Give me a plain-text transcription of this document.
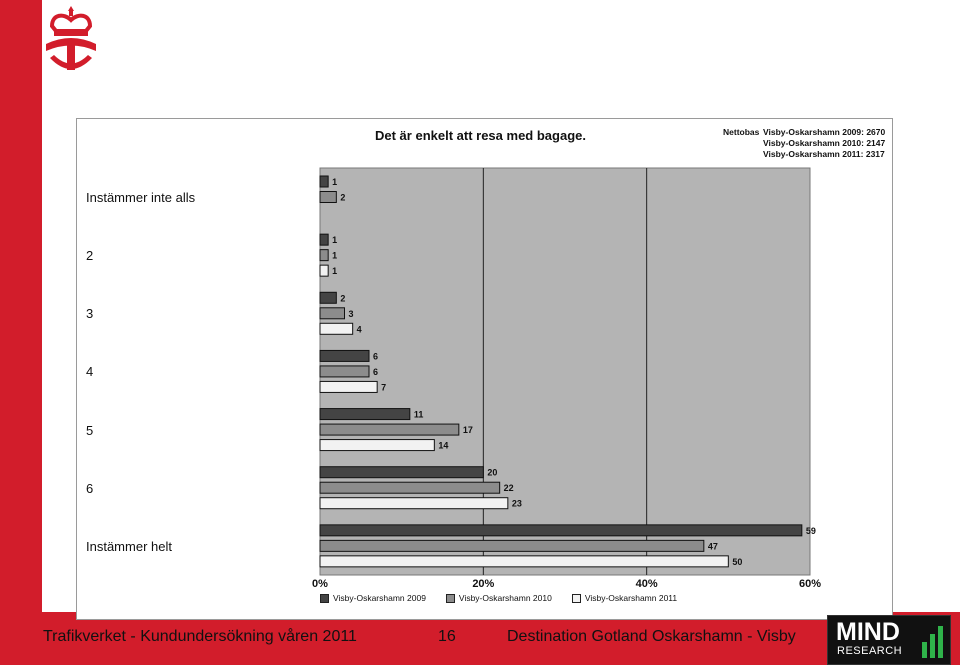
Det är enkelt att resa med bagage.	Nettobas Visby-Oskarshamn 2009: 2670
Visby-Oskarshamn 2010: 2147
Visby-Oskarshamn 2011: 2317
1
2
1
1
1
2
3
4
6
6
7
11
17
14
20
22
23
59
47
50
0%	20%	40%	60%
Instämmer inte alls
2
3
4
5
6
Instämmer helt
Visby-Oskarshamn 2009	Visby-Oskarshamn 2010	Visby-Oskarshamn 2011
Trafikverket - Kundundersökning våren 2011	16	Destination Gotland Oskarshamn - Visby MIND
RESEARCH
